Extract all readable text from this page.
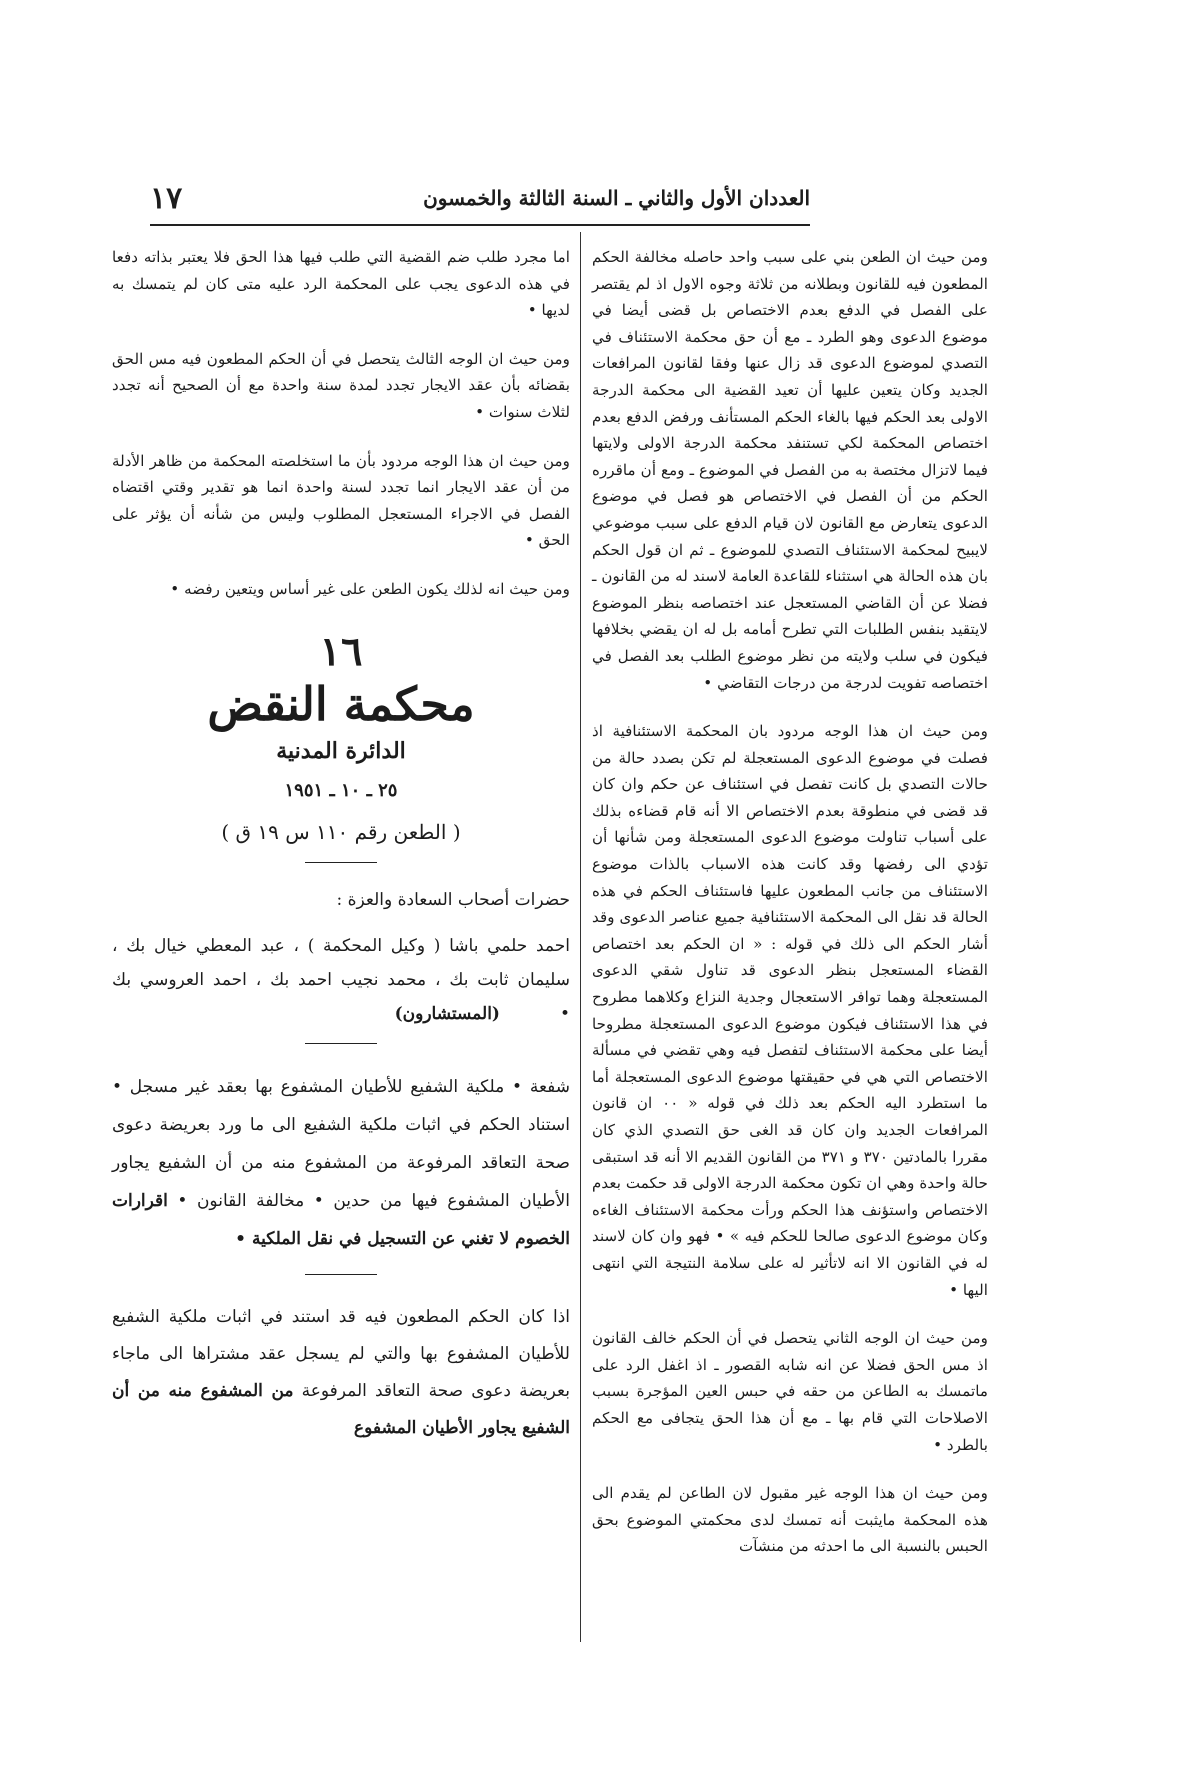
العددان الأول والثاني ـ السنة الثالثة والخمسون
١٧

ومن حيث ان الطعن بني على سبب واحد حاصله مخالفة الحكم المطعون فيه للقانون وبطلانه من ثلاثة وجوه الاول اذ لم يقتصر على الفصل في الدفع بعدم الاختصاص بل قضى أيضا في موضوع الدعوى وهو الطرد ـ مع أن حق محكمة الاستئناف في التصدي لموضوع الدعوى قد زال عنها وفقا لقانون المرافعات الجديد وكان يتعين عليها أن تعيد القضية الى محكمة الدرجة الاولى بعد الحكم فيها بالغاء الحكم المستأنف ورفض الدفع بعدم اختصاص المحكمة لكي تستنفد محكمة الدرجة الاولى ولايتها فيما لاتزال مختصة به من الفصل في الموضوع ـ ومع أن ماقرره الحكم من أن الفصل في الاختصاص هو فصل في موضوع الدعوى يتعارض مع القانون لان قيام الدفع على سبب موضوعي لايبيح لمحكمة الاستئناف التصدي للموضوع ـ ثم ان قول الحكم بان هذه الحالة هي استثناء للقاعدة العامة لاسند له من القانون ـ فضلا عن أن القاضي المستعجل عند اختصاصه بنظر الموضوع لايتقيد بنفس الطلبات التي تطرح أمامه بل له ان يقضي بخلافها فيكون في سلب ولايته من نظر موضوع الطلب بعد الفصل في اختصاصه تفويت لدرجة من درجات التقاضي •

ومن حيث ان هذا الوجه مردود بان المحكمة الاستئنافية اذ فصلت في موضوع الدعوى المستعجلة لم تكن بصدد حالة من حالات التصدي بل كانت تفصل في استئناف عن حكم وان كان قد قضى في منطوقة بعدم الاختصاص الا أنه قام قضاءه بذلك على أسباب تناولت موضوع الدعوى المستعجلة ومن شأنها أن تؤدي الى رفضها وقد كانت هذه الاسباب بالذات موضوع الاستئناف من جانب المطعون عليها فاستئناف الحكم في هذه الحالة قد نقل الى المحكمة الاستئنافية جميع عناصر الدعوى وقد أشار الحكم الى ذلك في قوله : « ان الحكم بعد اختصاص القضاء المستعجل بنظر الدعوى قد تناول شقي الدعوى المستعجلة وهما توافر الاستعجال وجدية النزاع وكلاهما مطروح في هذا الاستئناف فيكون موضوع الدعوى المستعجلة مطروحا أيضا على محكمة الاستئناف لتفصل فيه وهي تقضي في مسألة الاختصاص التي هي في حقيقتها موضوع الدعوى المستعجلة أما ما استطرد اليه الحكم بعد ذلك في قوله « ٠٠ ان قانون المرافعات الجديد وان كان قد الغى حق التصدي الذي كان مقررا بالمادتين ٣٧٠ و ٣٧١ من القانون القديم الا أنه قد استبقى حالة واحدة وهي ان تكون محكمة الدرجة الاولى قد حكمت بعدم الاختصاص واستؤنف هذا الحكم ورأت محكمة الاستئناف الغاءه وكان موضوع الدعوى صالحا للحكم فيه » • فهو وان كان لاسند له في القانون الا انه لاتأثير له على سلامة النتيجة التي انتهى اليها •

ومن حيث ان الوجه الثاني يتحصل في أن الحكم خالف القانون اذ مس الحق فضلا عن انه شابه القصور ـ اذ اغفل الرد على ماتمسك به الطاعن من حقه في حبس العين المؤجرة بسبب الاصلاحات التي قام بها ـ مع أن هذا الحق يتجافى مع الحكم بالطرد •

ومن حيث ان هذا الوجه غير مقبول لان الطاعن لم يقدم الى هذه المحكمة مايثبت أنه تمسك لدى محكمتي الموضوع بحق الحبس بالنسبة الى ما احدثه من منشآت

اما مجرد طلب ضم القضية التي طلب فيها هذا الحق فلا يعتبر بذاته دفعا في هذه الدعوى يجب على المحكمة الرد عليه متى كان لم يتمسك به لديها •

ومن حيث ان الوجه الثالث يتحصل في أن الحكم المطعون فيه مس الحق بقضائه بأن عقد الايجار تجدد لمدة سنة واحدة مع أن الصحيح أنه تجدد لثلاث سنوات •

ومن حيث ان هذا الوجه مردود بأن ما استخلصته المحكمة من ظاهر الأدلة من أن عقد الايجار انما تجدد لسنة واحدة انما هو تقدير وقتي اقتضاه الفصل في الاجراء المستعجل المطلوب وليس من شأنه أن يؤثر على الحق •

ومن حيث انه لذلك يكون الطعن على غير أساس ويتعين رفضه •

١٦
محكمة النقض
الدائرة المدنية
٢٥ ـ ١٠ ـ ١٩٥١
( الطعن رقم ١١٠ س ١٩ ق )

حضرات أصحاب السعادة والعزة :

احمد حلمي باشا ( وكيل المحكمة ) ، عبد المعطي خيال بك ، سليمان ثابت بك ، محمد نجيب احمد بك ، احمد العروسي بك •(المستشارون)

شفعة • ملكية الشفيع للأطيان المشفوع بها بعقد غير مسجل • استناد الحكم في اثبات ملكية الشفيع الى ما ورد بعريضة دعوى صحة التعاقد المرفوعة من المشفوع منه من أن الشفيع يجاور الأطيان المشفوع فيها من حدين • مخالفة القانون • اقرارات الخصوم لا تغني عن التسجيل في نقل الملكية •

اذا كان الحكم المطعون فيه قد استند في اثبات ملكية الشفيع للأطيان المشفوع بها والتي لم يسجل عقد مشتراها الى ماجاء بعريضة دعوى صحة التعاقد المرفوعة من المشفوع منه من أن الشفيع يجاور الأطيان المشفوع
